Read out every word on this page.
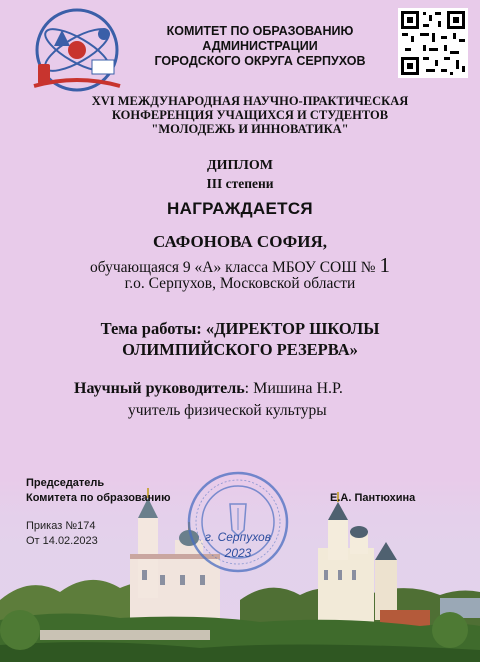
КОМИТЕТ ПО ОБРАЗОВАНИЮ
АДМИНИСТРАЦИИ
ГОРОДСКОГО ОКРУГА СЕРПУХОВ
XVI МЕЖДУНАРОДНАЯ НАУЧНО-ПРАКТИЧЕСКАЯ
КОНФЕРЕНЦИЯ УЧАЩИХСЯ И СТУДЕНТОВ
"МОЛОДЕЖЬ И ИННОВАТИКА"
ДИПЛОМ
III степени
НАГРАЖДАЕТСЯ
САФОНОВА СОФИЯ,
обучающаяся 9 «А» класса МБОУ СОШ № 1
г.о. Серпухов, Московской области
Тема работы: «ДИРЕКТОР ШКОЛЫ
ОЛИМПИЙСКОГО РЕЗЕРВА»
Научный руководитель: Мишина Н.Р.
учитель физической культуры
Председатель
Комитета по образованию	Е.А. Пантюхина
Приказ №174
От 14.02.2023	г. Серпухов
2023
